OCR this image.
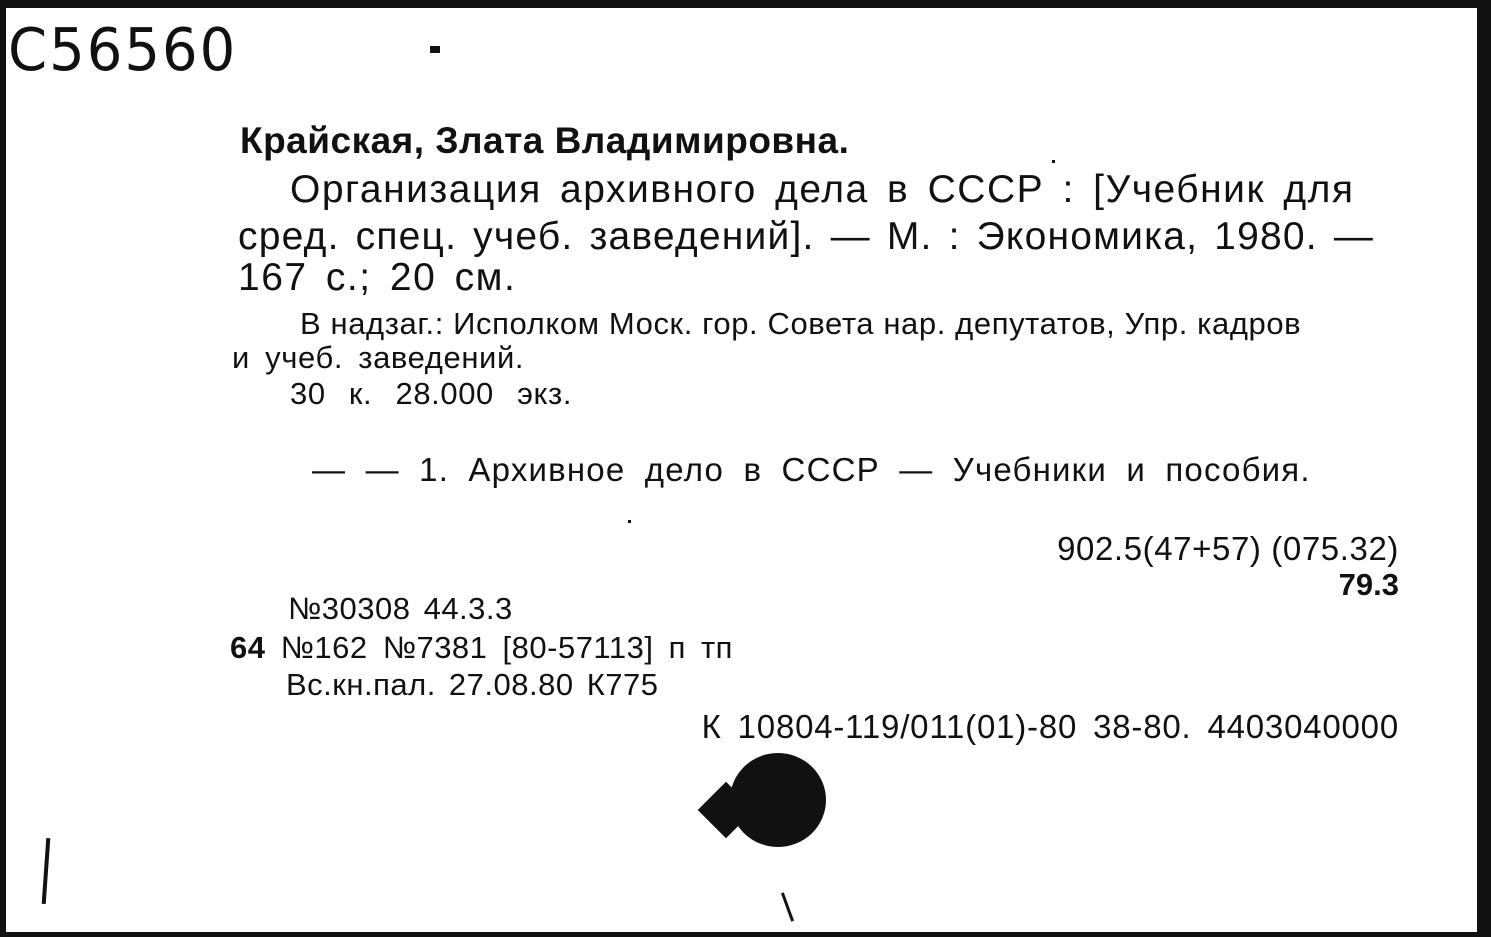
C56560
Крайская, Злата Владимировна.
Организация архивного дела в СССР : [Учебник для
сред. спец. учеб. заведений]. — М. : Экономика, 1980. —
167 с.; 20 см.
В надзаг.: Исполком Моск. гор. Совета нар. депутатов, Упр. кадров
и учеб. заведений.
30 к. 28.000 экз.
— — 1. Архивное дело в СССР — Учебники и пособия.
902.5(47+57) (075.32)
79.3
№30308 44.3.3
64 №162 №7381 [80-57113] п тп
Вс.кн.пал. 27.08.80 К775
К 10804-119/011(01)-80 38-80. 4403040000
